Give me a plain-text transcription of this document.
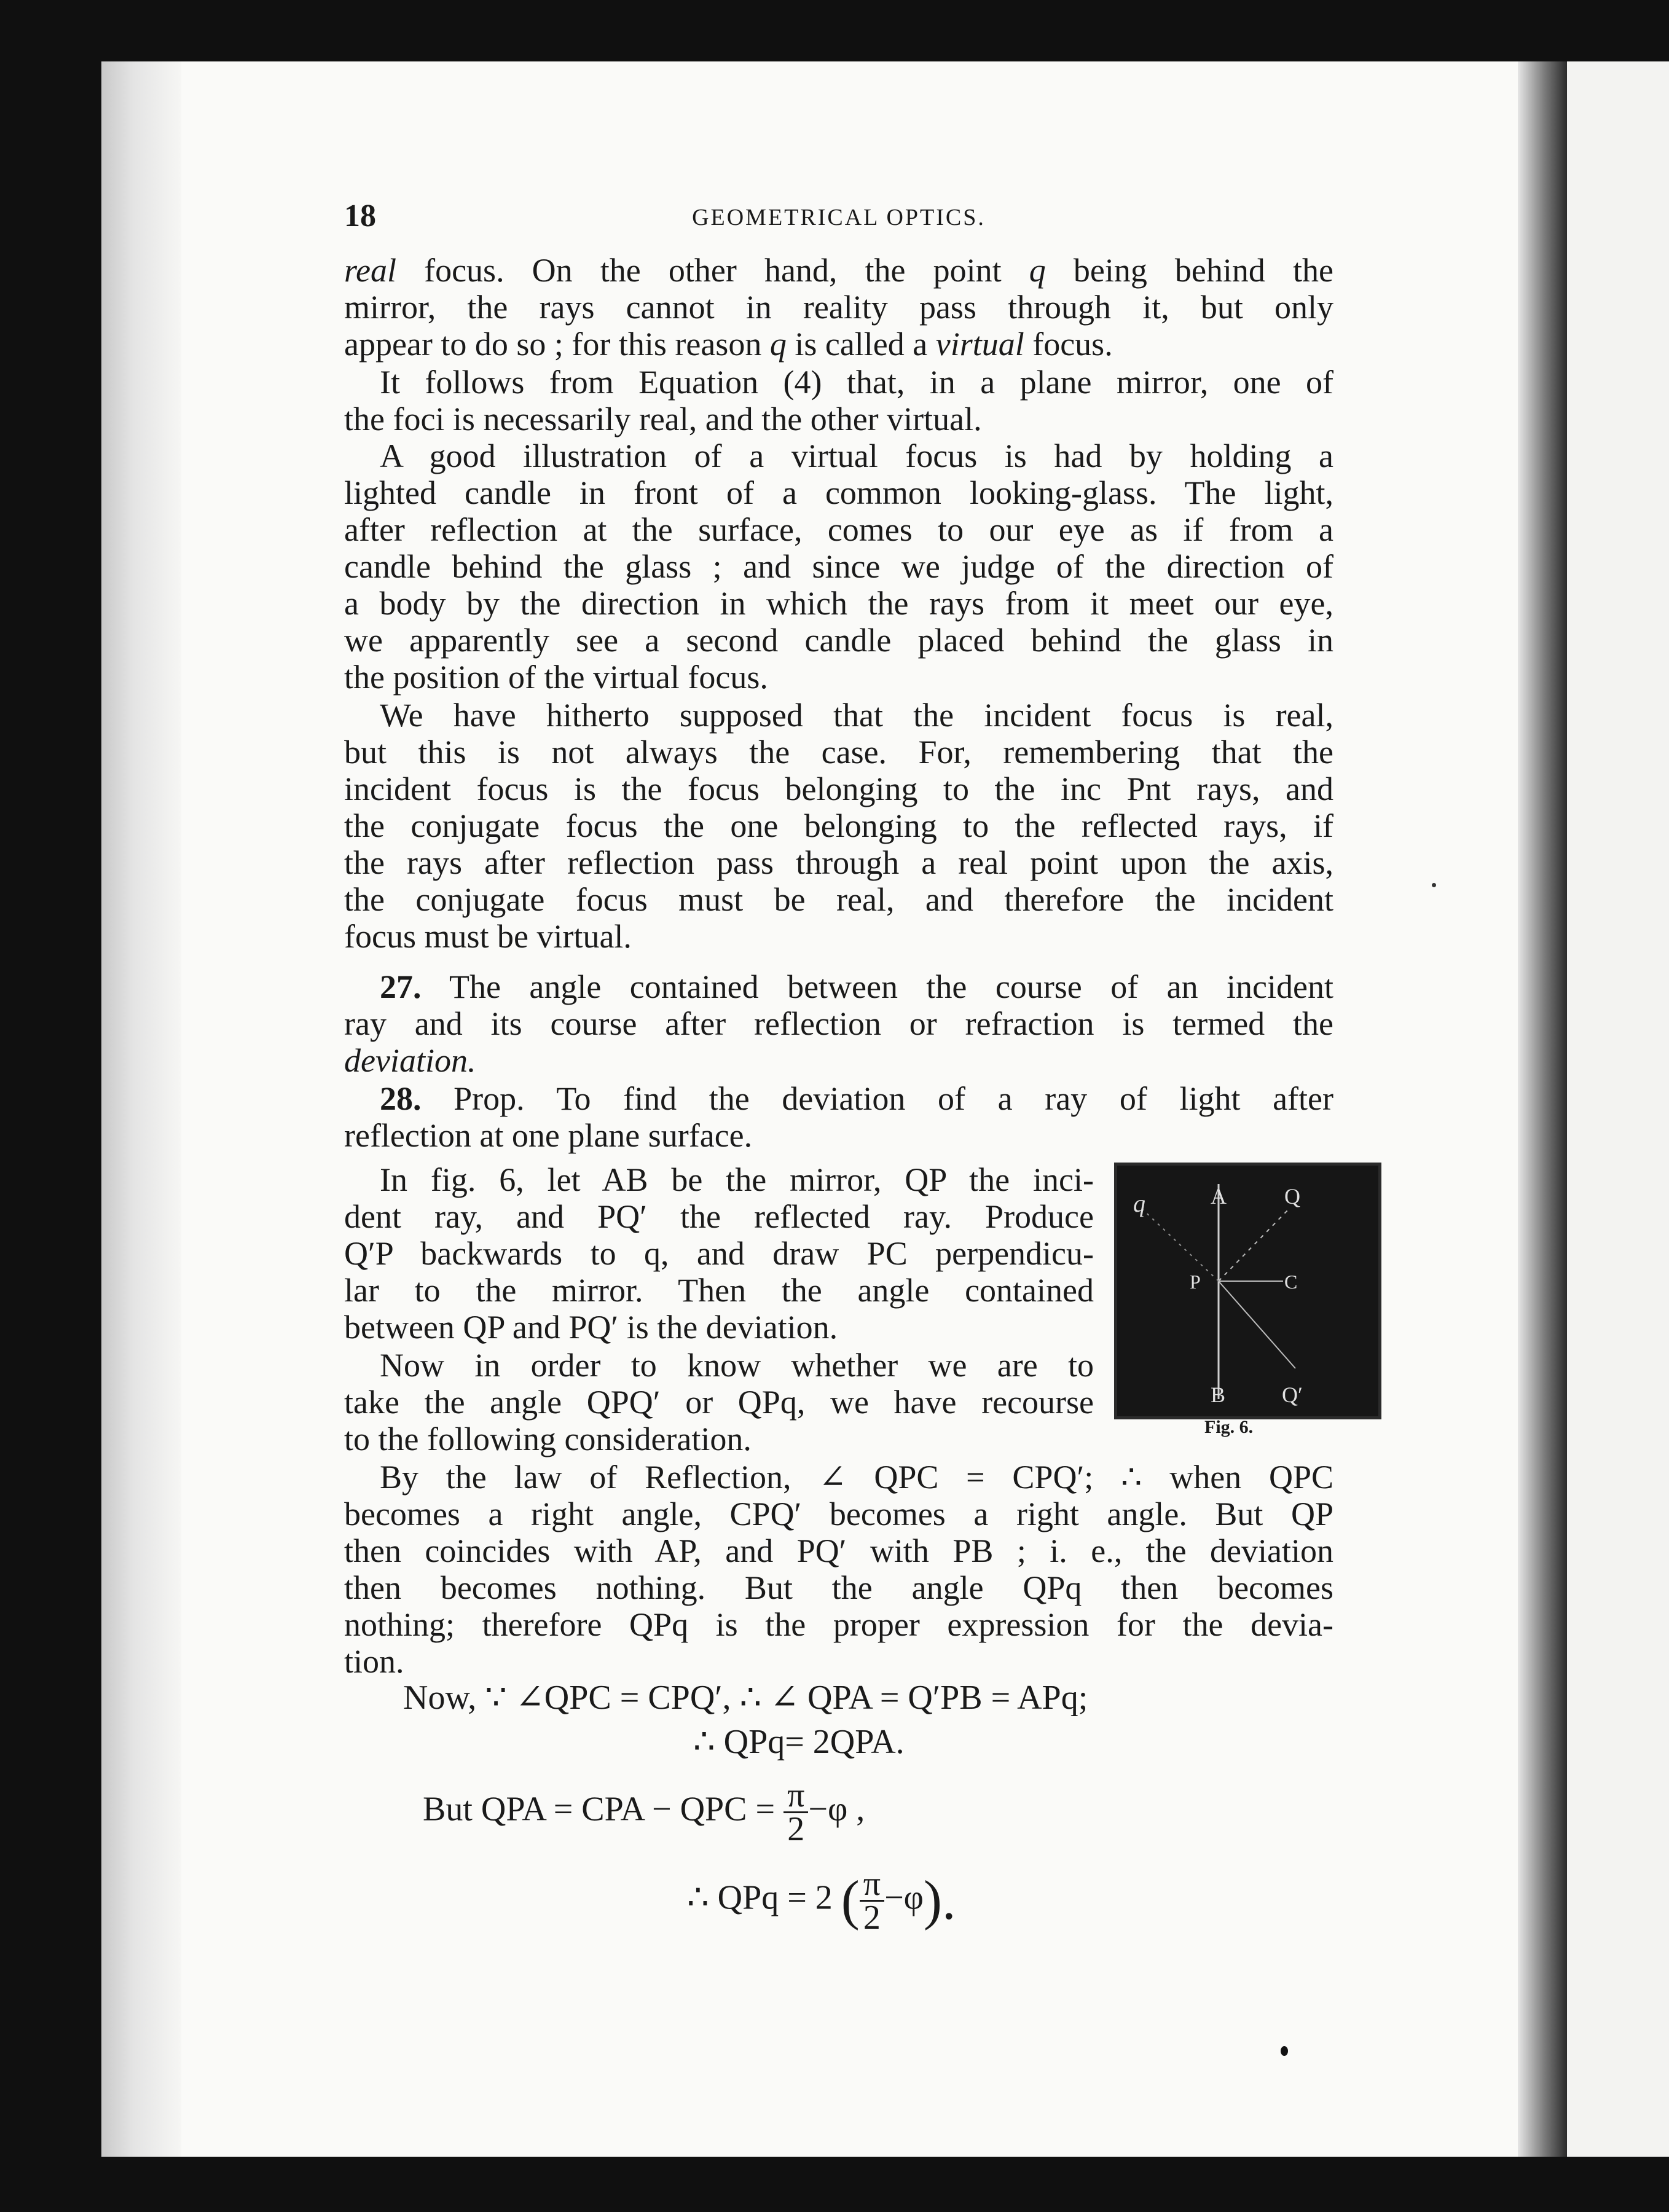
18	GEOMETRICAL OPTICS.
real focus. On the other hand, the point q being behind the
mirror, the rays cannot in reality pass through it, but only
appear to do so ; for this reason q is called a virtual focus.
It follows from Equation (4) that, in a plane mirror, one of
the foci is necessarily real, and the other virtual.
A good illustration of a virtual focus is had by holding a
lighted candle in front of a common looking-glass. The light,
after reflection at the surface, comes to our eye as if from a
candle behind the glass ; and since we judge of the direction of
a body by the direction in which the rays from it meet our eye,
we apparently see a second candle placed behind the glass in
the position of the virtual focus.
We have hitherto supposed that the incident focus is real,
but this is not always the case. For, remembering that the
incident focus is the focus belonging to the inc Pnt rays, and
the conjugate focus the one belonging to the reflected rays, if
the rays after reflection pass through a real point upon the axis,
the conjugate focus must be real, and therefore the incident
focus must be virtual.
27. The angle contained between the course of an incident
ray and its course after reflection or refraction is termed the
deviation.
28. Prop. To find the deviation of a ray of light after
reflection at one plane surface.
In fig. 6, let AB be the mirror, QP the inci-
dent ray, and PQ′ the reflected ray. Produce
Q′P backwards to q, and draw PC perpendicu-
lar to the mirror. Then the angle contained
between QP and PQ′ is the deviation.
Now in order to know whether we are to
take the angle QPQ′ or QPq, we have recourse
to the following consideration.
q	A	Q
P	C
B	Q′
Fig. 6.
By the law of Reflection, ∠ QPC = CPQ′; ∴ when QPC
becomes a right angle, CPQ′ becomes a right angle. But QP
then coincides with AP, and PQ′ with PB ; i. e., the deviation
then becomes nothing. But the angle QPq then becomes
nothing; therefore QPq is the proper expression for the devia-
tion.
Now, ∵ ∠QPC = CPQ′, ∴ ∠ QPA = Q′PB = APq;
∴ QPq= 2QPA.
But QPA = CPA − QPC = $\frac{\pi}{2} -\varphi$ ,
∴ QPq = 2 ( $\frac{\pi}{2} -\varphi$).
